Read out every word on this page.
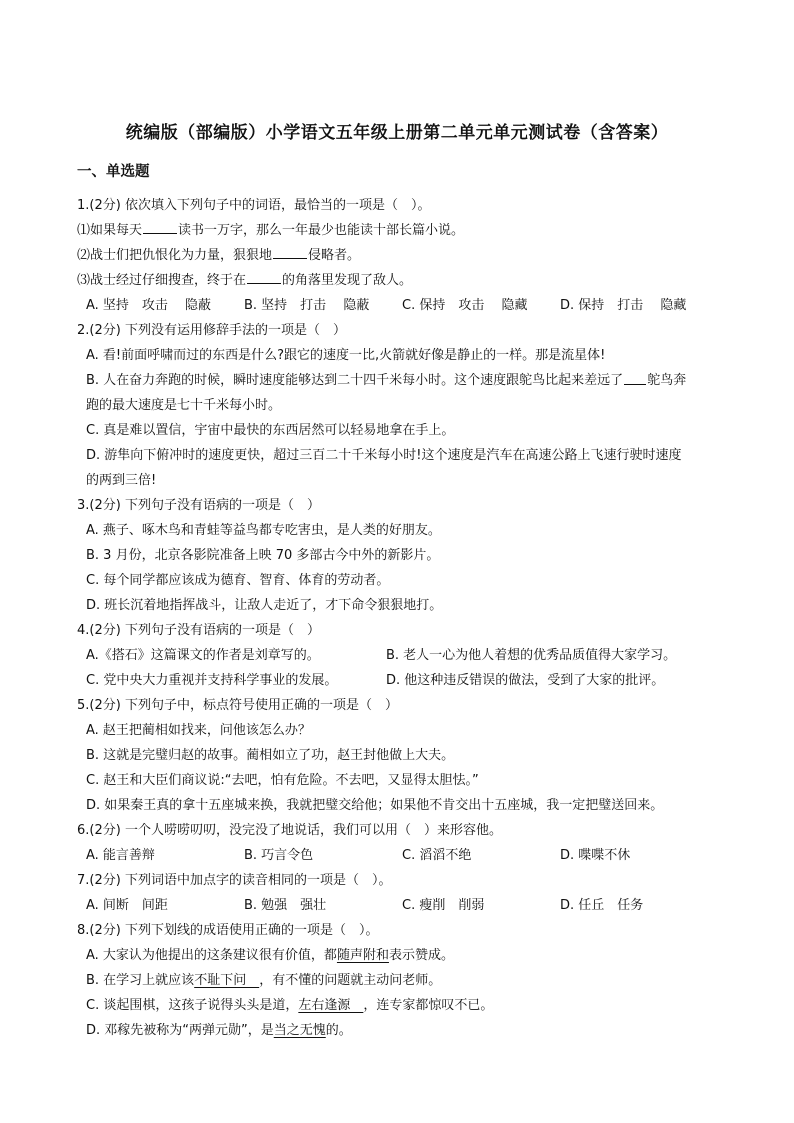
统编版（部编版）小学语文五年级上册第二单元单元测试卷（含答案）
一、单选题
1.(2分) 依次填入下列句子中的词语，最恰当的一项是（　）。
⑴如果每天	读书一万字，那么一年最少也能读十部长篇小说。
⑵战士们把仇恨化为力量，狠狠地	侵略者。
⑶战士经过仔细搜查，终于在	的角落里发现了敌人。
A. 坚持　攻击　 隐蔽	B. 坚持　打击　 隐蔽	C. 保持　攻击　 隐藏	D. 保持　打击　 隐藏
2.(2分) 下列没有运用修辞手法的一项是（　）
A. 看!前面呼啸而过的东西是什么?跟它的速度一比,火箭就好像是静止的一样。那是流星体!
B. 人在奋力奔跑的时候，瞬时速度能够达到二十四千米每小时。这个速度跟鸵鸟比起来差远了 鸵鸟奔
跑的最大速度是七十千米每小时。
C. 真是难以置信，宇宙中最快的东西居然可以轻易地拿在手上。
D. 游隼向下俯冲时的速度更快，超过三百二十千米每小时!这个速度是汽车在高速公路上飞速行驶时速度
的两到三倍!
3.(2分) 下列句子没有语病的一项是（　）
A. 燕子、啄木鸟和青蛙等益鸟都专吃害虫，是人类的好朋友。
B. 3 月份，北京各影院准备上映 70 多部古今中外的新影片。
C. 每个同学都应该成为德育、智育、体育的劳动者。
D. 班长沉着地指挥战斗，让敌人走近了，才下命令狠狠地打。
4.(2分) 下列句子没有语病的一项是（　）
A.《搭石》这篇课文的作者是刘章写的。	B. 老人一心为他人着想的优秀品质值得大家学习。
C. 党中央大力重视并支持科学事业的发展。	D. 他这种违反错误的做法，受到了大家的批评。
5.(2分) 下列句子中，标点符号使用正确的一项是（　）
A. 赵王把蔺相如找来，问他该怎么办？
B. 这就是完璧归赵的故事。蔺相如立了功，赵王封他做上大夫。
C. 赵王和大臣们商议说:“去吧，怕有危险。不去吧，又显得太胆怯。”
D. 如果秦王真的拿十五座城来换，我就把璧交给他；如果他不肯交出十五座城，我一定把璧送回来。
6.(2分) 一个人唠唠叨叨，没完没了地说话，我们可以用（　）来形容他。
A. 能言善辩	B. 巧言令色	C. 滔滔不绝	D. 喋喋不休
7.(2分) 下列词语中加点字的读音相同的一项是（　）。
A. 间断　间距	B. 勉强　强壮	C. 瘦削　削弱	D. 任丘　任务
8.(2分) 下列下划线的成语使用正确的一项是（　）。
A. 大家认为他提出的这条建议很有价值，都随声附和表示赞成。
B. 在学习上就应该不耻下问　，有不懂的问题就主动问老师。
C. 谈起围棋，这孩子说得头头是道，左右逢源　，连专家都惊叹不已。
D. 邓稼先被称为“两弹元勋”，是当之无愧的。
